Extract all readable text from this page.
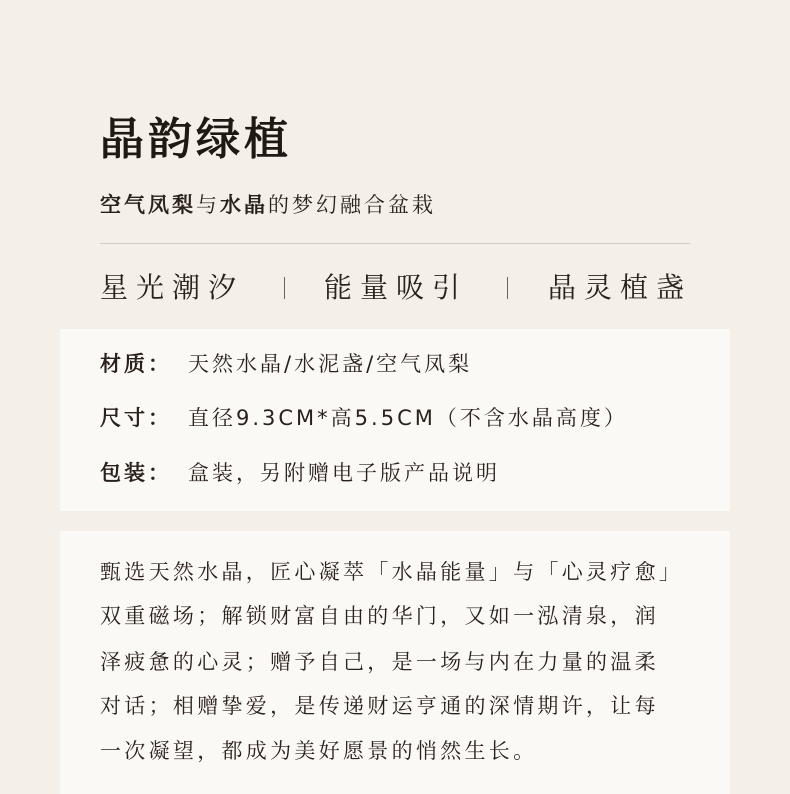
晶韵绿植
空气凤梨与水晶的梦幻融合盆栽
星光潮汐	能量吸引	晶灵植盏
材质： 天然水晶/水泥盏/空气凤梨
尺寸： 直径9.3CM*高5.5CM（不含水晶高度）
包装： 盒装，另附赠电子版产品说明
甄选天然水晶，匠心凝萃「水晶能量」与「心灵疗愈」
双重磁场；解锁财富自由的华门，又如一泓清泉，润
泽疲惫的心灵；赠予自己，是一场与内在力量的温柔
对话；相赠挚爱，是传递财运亨通的深情期许，让每
一次凝望，都成为美好愿景的悄然生长。
